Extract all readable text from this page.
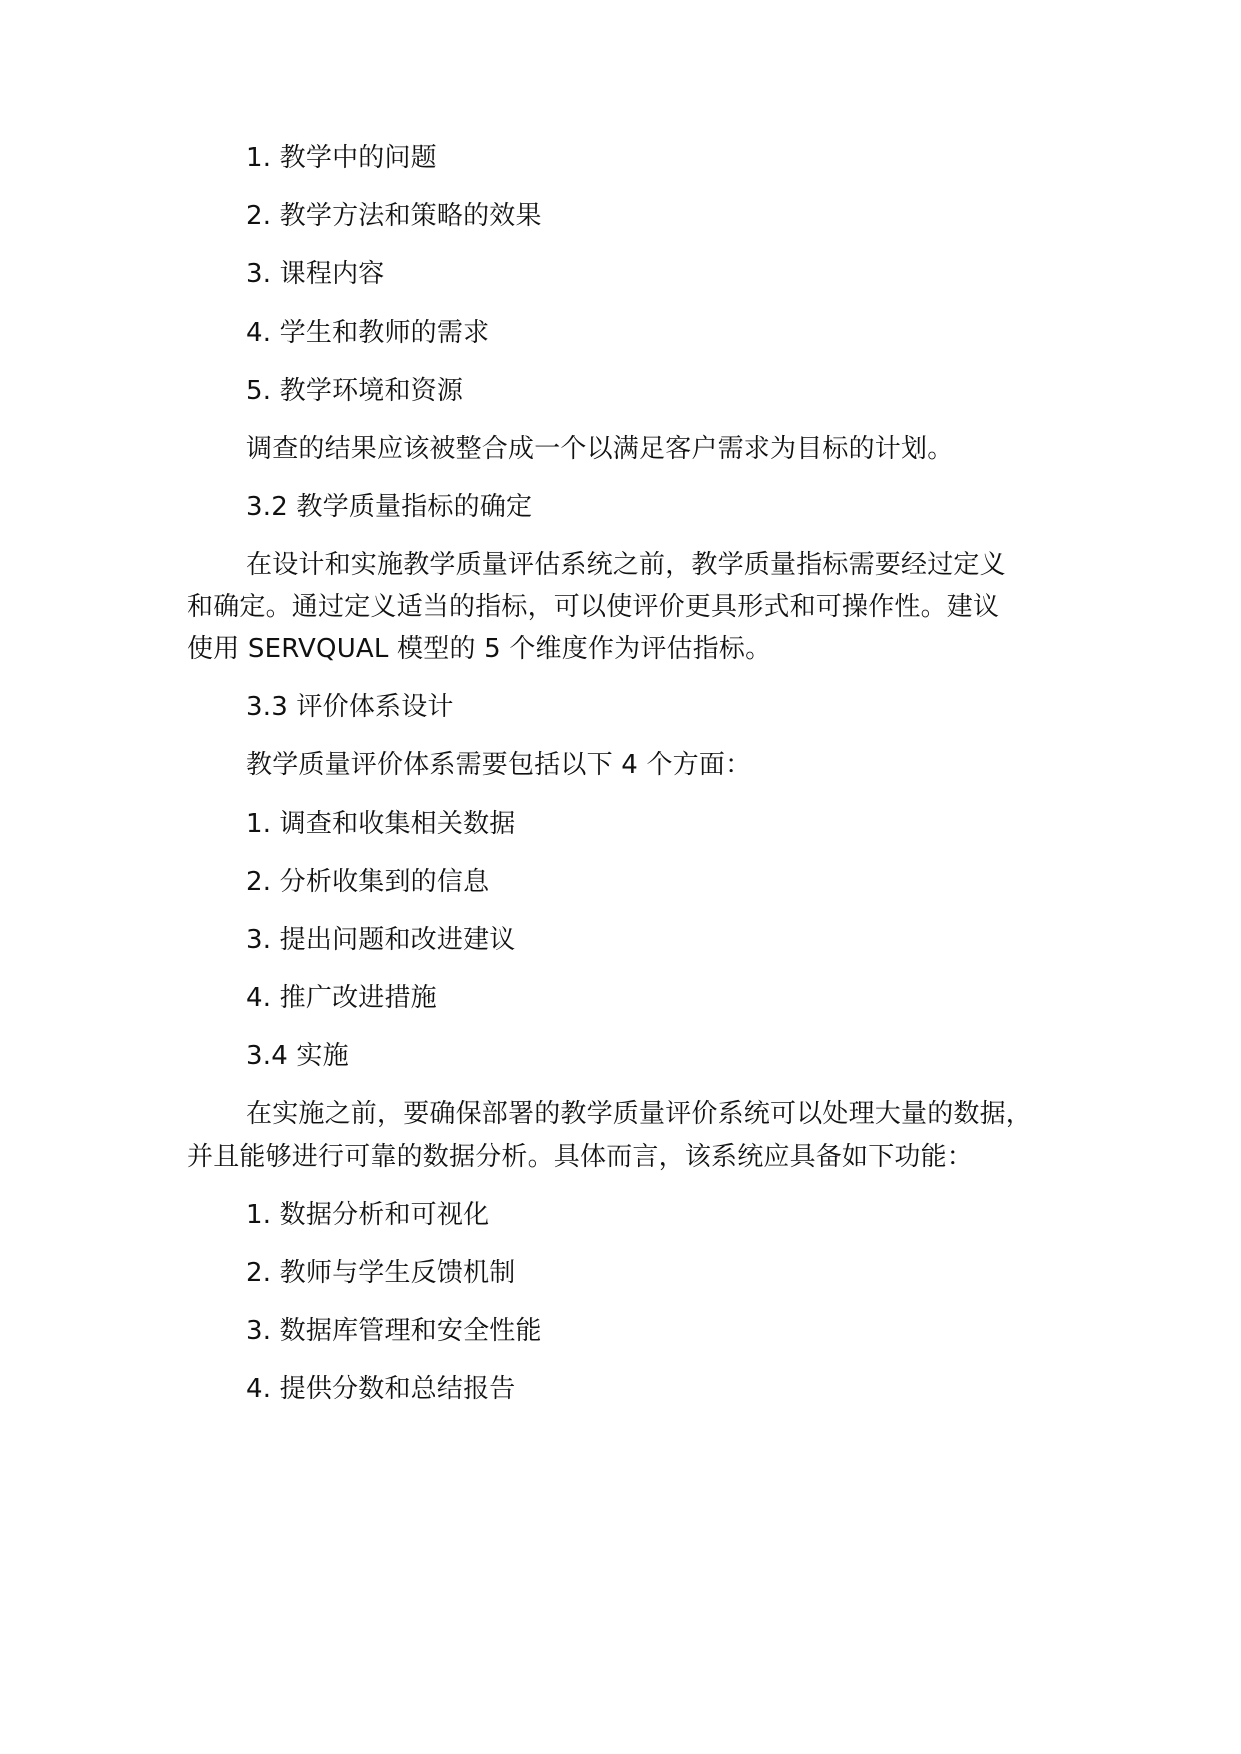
1. 教学中的问题
2. 教学方法和策略的效果
3. 课程内容
4. 学生和教师的需求
5. 教学环境和资源
调查的结果应该被整合成一个以满足客户需求为目标的计划。
3.2 教学质量指标的确定
在设计和实施教学质量评估系统之前，教学质量指标需要经过定义
和确定。通过定义适当的指标，可以使评价更具形式和可操作性。建议
使用 SERVQUAL 模型的 5 个维度作为评估指标。
3.3 评价体系设计
教学质量评价体系需要包括以下 4 个方面：
1. 调查和收集相关数据
2. 分析收集到的信息
3. 提出问题和改进建议
4. 推广改进措施
3.4 实施
在实施之前，要确保部署的教学质量评价系统可以处理大量的数据，
并且能够进行可靠的数据分析。具体而言，该系统应具备如下功能：
1. 数据分析和可视化
2. 教师与学生反馈机制
3. 数据库管理和安全性能
4. 提供分数和总结报告
